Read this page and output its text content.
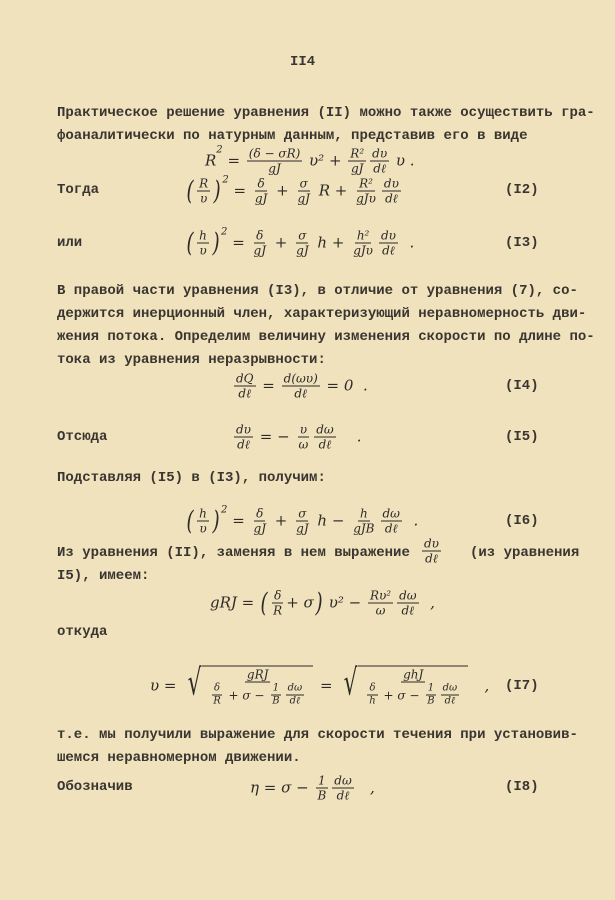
II4
Практическое решение уравнения (II) можно также осуществить гра-
фоаналитически по натурным данным, представив его в виде
R
2
= $\frac{(\delta - \sigma R)}{gJ} \upsilon^2 + \frac{\text{R²}}{gJ}$ dυ
dℓ υ .
Тогда	( $\frac{R}{\upsilon}$ ) 2
= $\frac{\delta}{gJ} + \frac{\sigma}{gJ}$ R + R²
gJυ
dυ
dℓ
(I2)
или	( $\frac{h}{\upsilon}$ ) 2
= $\frac{\delta}{gJ} + \frac{\sigma}{gJ}$ h + h²
gJυ
dυ
dℓ .	(I3)
В правой части уравнения (I3), в отличие от уравнения (7), со-
держится инерционный член, характеризующий неравномерность дви-
жения потока. Определим величину изменения скорости по длине по-
тока из уравнения неразрывности:
dQ
dℓ = d(ωυ)
dℓ = 0  .	(I4)
Отсюда	dυ
dℓ = − $\frac{\upsilon}{\omega}$ dω
dℓ .	(I5)
Подставляя (I5) в (I3), получим:
( $\frac{h}{\upsilon}$ ) 2
= $\frac{\delta}{gJ} + \frac{\sigma}{gJ}$ h − h
gJB
dω
dℓ .	(I6)
Из уравнения (II), заменяя в нем выражение
dυ
dℓ (из уравнения
I5), имеем:
gRJ = ( $\frac{\delta}{R} + \sigma$ ) $\upsilon^2 - \frac{\text{Rυ²}}{\omega}$ dω
dℓ ,
откуда
υ = √	gRJ
$\frac{\delta}{R} + \sigma - \frac{1}{B}$ dω
dℓ
= √	ghJ
$\frac{\delta}{h} + \sigma - \frac{1}{B}$ dω
dℓ
, (I7)
т.е. мы получили выражение для скорости течения при установив-
шемся неравномерном движении.
Обозначив	$\eta = \sigma - \frac{1}{B}$ dω
dℓ ,	(I8)
